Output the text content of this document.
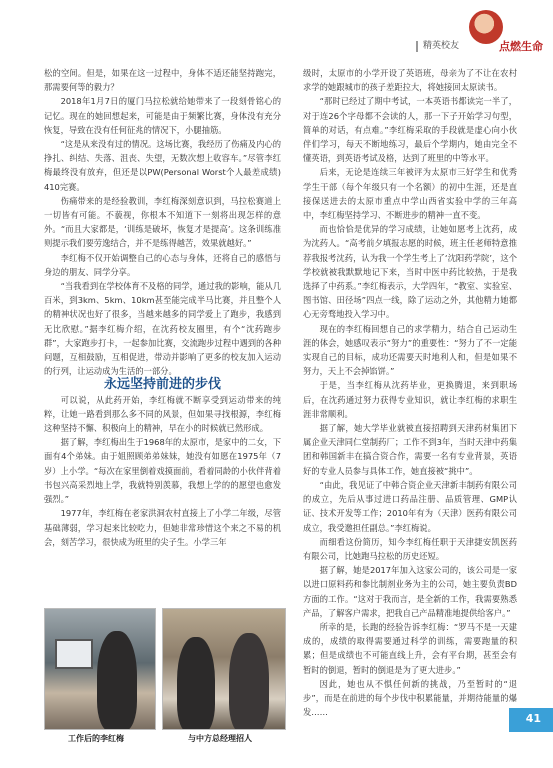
点燃生命
精英校友

松的空间。但是，如果在这一过程中，身体不适还能坚持跑完，那需要何等的毅力？

2018年1月7日的厦门马拉松就给她带来了一段刻骨铭心的记忆。现在的她回想起来，可能是由于频繁比赛，身体没有充分恢复，导致在没有任何征兆的情况下，小腿抽筋。

“这是从来没有过的情况。这场比赛，我经历了伤痛及内心的挣扎、纠结、失落、沮丧、失望，无数次想上收容车。”尽管李红梅最终没有放弃，但还是以PW(Personal Worst个人最差成绩) 410完赛。

伤痛带来的是经验教训，李红梅深刻意识到，马拉松赛道上一切皆有可能。不藐视，你根本不知道下一刻将出现怎样的意外。“而且大家都是，‘训练是破坏，恢复才是提高’。这条训练准则提示我们要劳逸结合，并不是练得越苦，效果就越好。”

李红梅不仅开始调整自己的心态与身体，还将自己的感悟与身边的朋友、同学分享。

“当我看到在学校体育不及格的同学，通过我的影响，能从几百米，到3km、5km、10km甚至能完成半马比赛，并且整个人的精神状况也好了很多，当越来越多的同学爱上了跑步，我感到无比欣慰。”据李红梅介绍，在沈药校友圈里，有个“沈药跑步群”，大家跑步打卡，一起参加比赛，交流跑步过程中遇到的各种问题，互相鼓励，互相促进，带动并影响了更多的校友加入运动的行列，让运动成为生活的一部分。

永远坚持前进的步伐

可以说，从此药开始，李红梅就不断享受到运动带来的纯粹，让她一路看到那么多不同的风景，但如果寻找根源，李红梅这种坚持不懈、积极向上的精神，早在小的时候就已然形成。

据了解，李红梅出生于1968年的太原市，是家中的二女，下面有4个弟妹。由于姐照顾弟弟妹妹，她没有如愿在1975年（7岁）上小学。“每次在家里倒着戏摸面前，看着同龄的小伙伴背着书包兴高采烈地上学，我就特别羡慕，我想上学的的愿望也愈发强烈。”

1977年，李红梅在老家洪洞农村直接上了小学二年级，尽管基础薄弱，学习起来比较吃力，但她非常珍惜这个来之不易的机会，刻苦学习，很快成为班里的尖子生。小学三年

工作后的李红梅	与中方总经理招人

级时，太原市的小学开设了英语班，母亲为了不让在农村求学的她跟城市的孩子差距拉大，将她接回太原读书。

“那时已经过了期中考试，一本英语书都读完一半了，对于连26个字母都不会读的人，那一下子开始学习句型，简单的对话，有点难。”李红梅采取的手段就是虚心向小伙伴们学习，每天不断地练习，最后个学期内，她由完全不懂英语，到英语考试及格，达到了班里的中等水平。

后来，无论是连续三年被评为太原市三好学生和优秀学生干部（每个年级只有一个名额）的初中生涯，还是直接保送进去的太原市重点中学山西省实验中学的三年高中，李红梅坚持学习、不断进步的精神一直不变。

而也恰恰是优异的学习成绩，让她如愿考上沈药，成为沈药人。“高考前夕填报志愿的时候，班主任老师特意推荐我报考沈药，认为我一个学生考上了‘沈阳药学院’，这个学校就被我默默地记下来，当时中医中药比较热，于是我选择了中药系。”李红梅表示，大学四年，“教室、实验室、图书馆、田径场”四点一线，除了运动之外，其他精力她都心无旁骛地投入学习中。

现在的李红梅回想自己的求学精力，结合自己运动生涯的体会，她感叹表示“努力”的重要性：“努力了不一定能实现自己的目标，成功还需要天时地利人和，但是如果不努力，天上不会掉馅饼。”

于是，当李红梅从沈药毕业，更换腾退，来到职场后，在沈药通过努力获得专业知识，就让李红梅的求职生涯非常顺利。

据了解，她大学毕业就被直接招聘到天津药材集团下属企业天津同仁堂制药厂；工作不到3年，当时天津中药集团和韩国新丰在搞合资合作，需要一名有专业背景，英语好的专业人员参与具体工作，她直接被“挑中”。

“由此，我见证了中韩合资企业天津新丰制药有限公司的成立，先后从事过进口药品注册、品质管理、GMP认证、技术开发等工作；2010年有为（天津）医药有限公司成立，我受邀担任副总。”李红梅说。

而细看这份简历，知今李红梅任职于天津捷安凯医药有限公司，比她跑马拉松的历史还短。

据了解，她是2017年加入这家公司的，该公司是一家以进口原料药和参比制剂业务为主的公司，她主要负责BD方面的工作。“这对于我而言，是全新的工作，我需要熟悉产品，了解客户需求，把我自己产品精准地提供给客户。”

所幸的是，长跑的经验告诉李红梅：“罗马不是一天建成的，成绩的取得需要通过科学的训练，需要跑量的积累；但是成绩也不可能直线上升，会有平台期，甚至会有暂时的倒退，暂时的倒退是为了更大进步。”

因此，她也从不惧任何新的挑战，乃至暂时的“退步”，而是在前进的每个步伐中积累能量，并期待能量的爆发……	41
